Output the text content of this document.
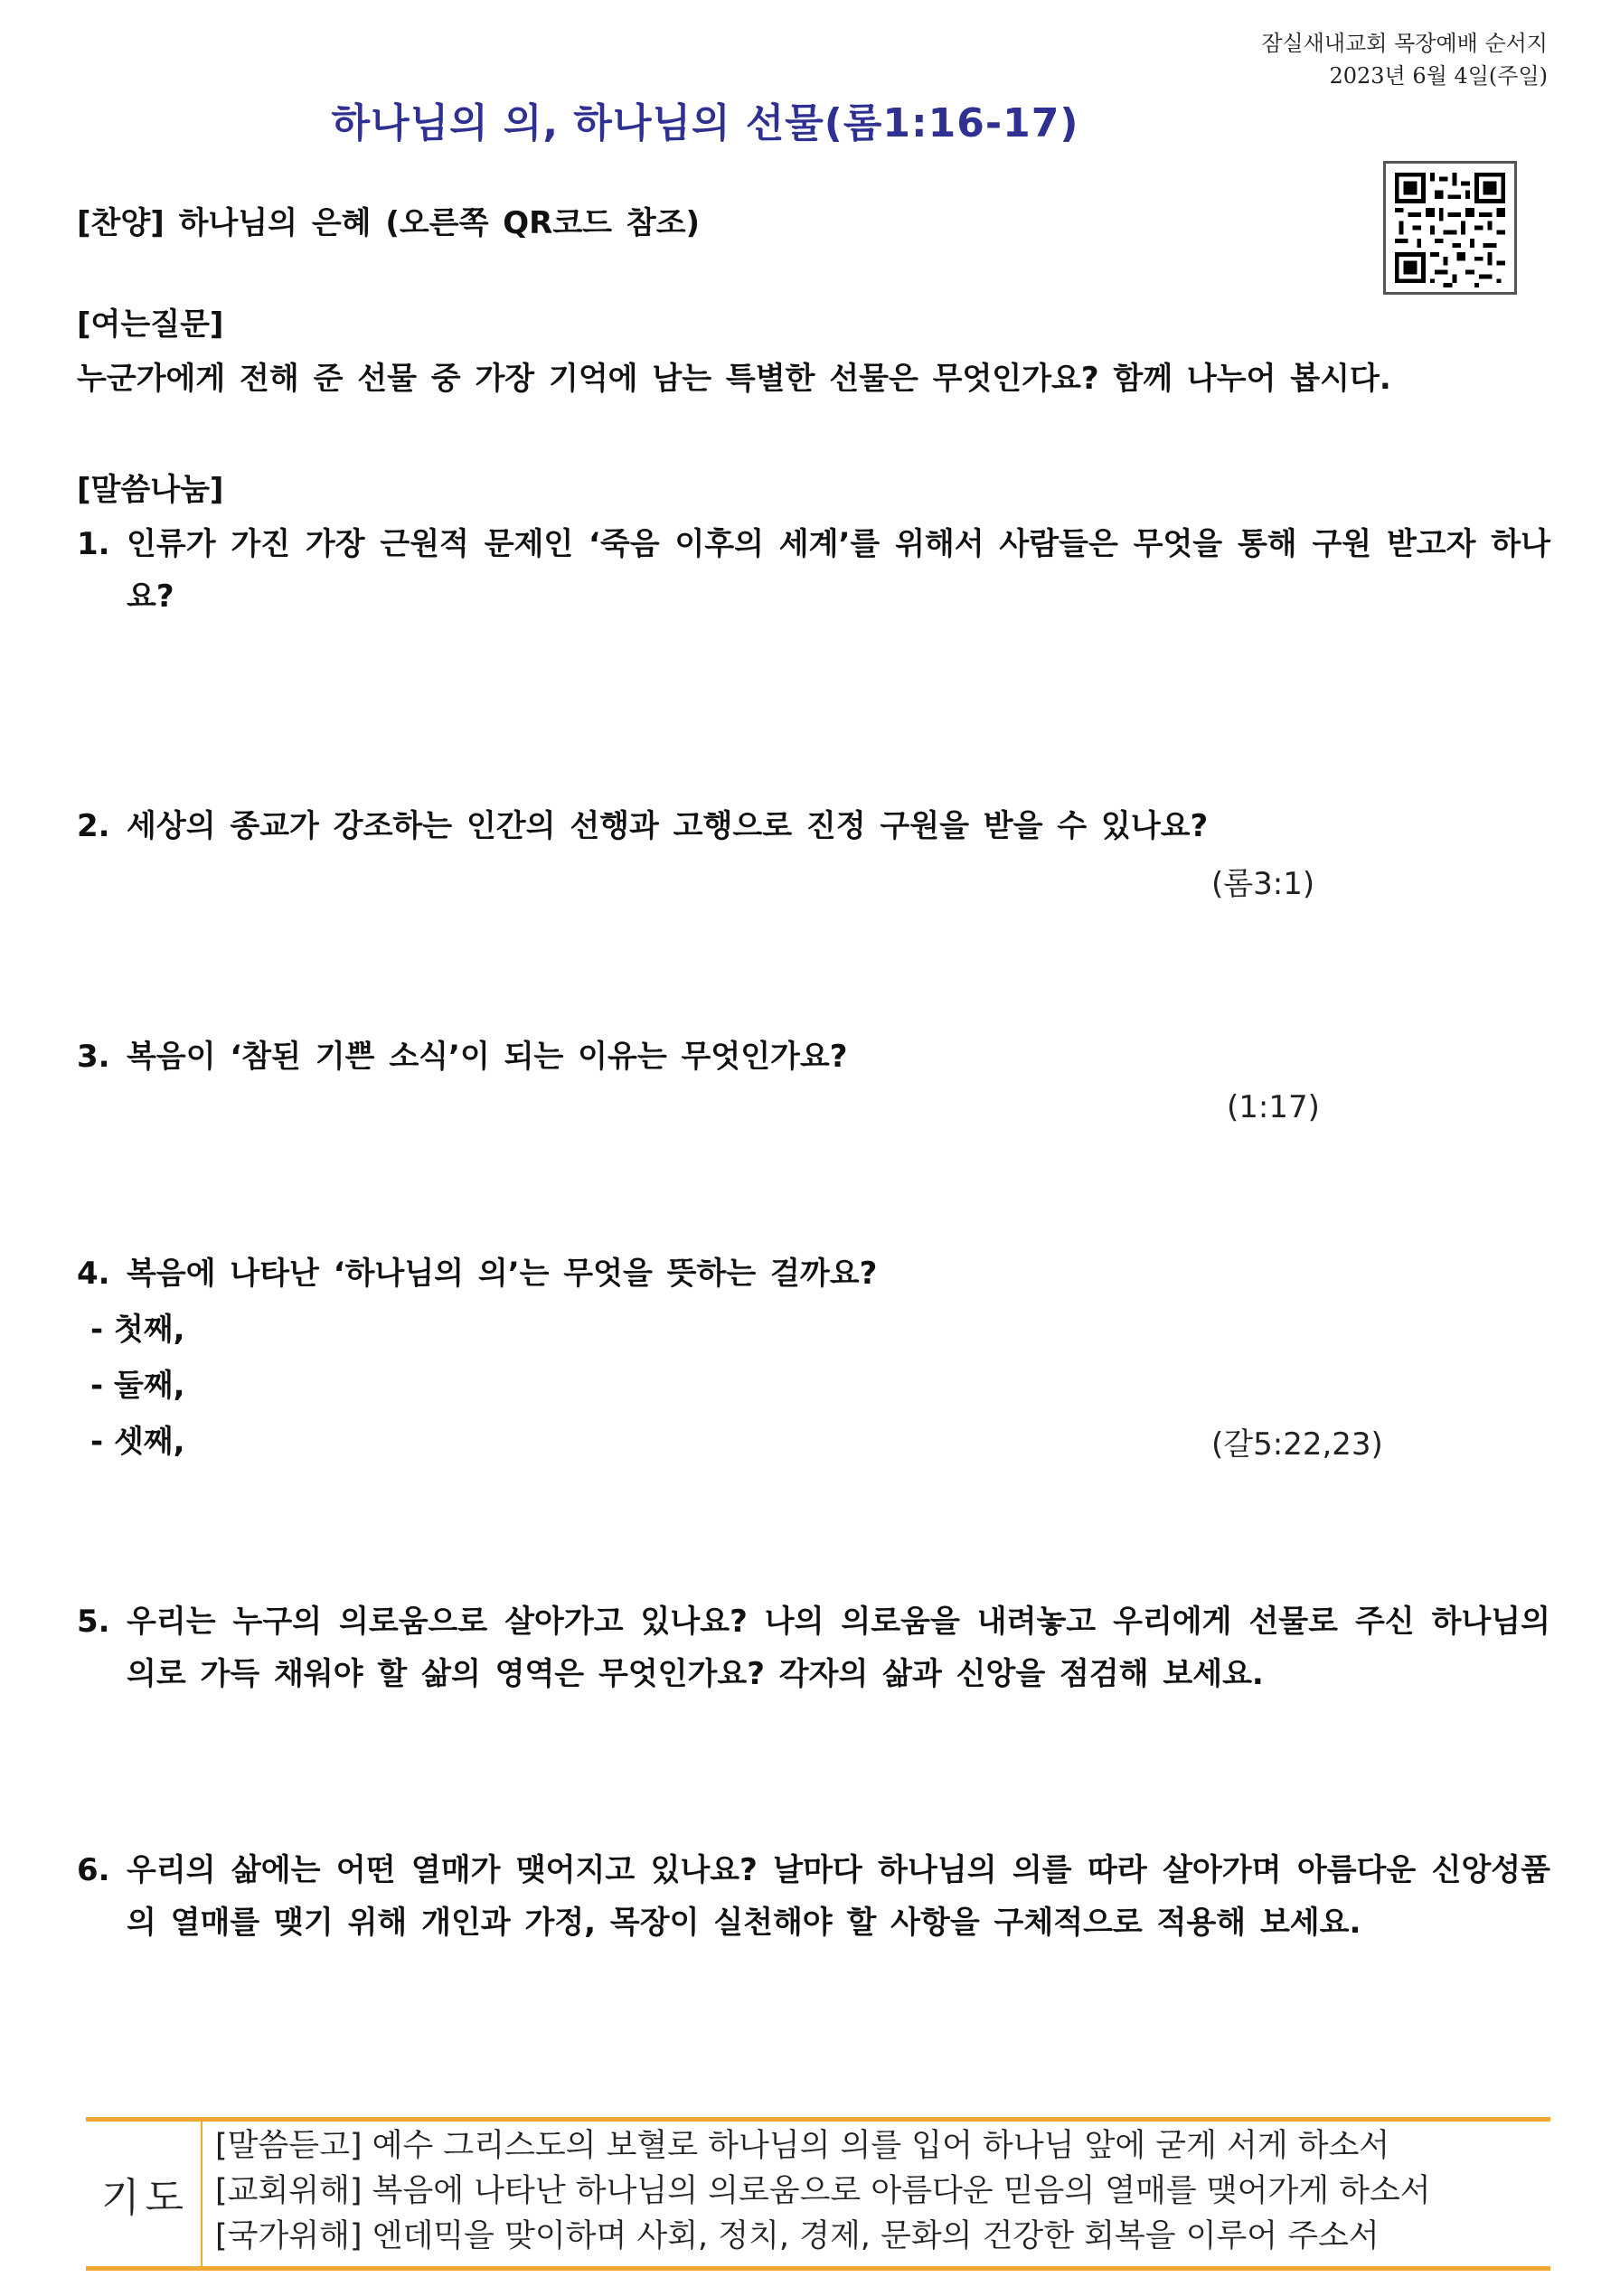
잠실새내교회 목장예배 순서지
2023년 6월 4일(주일)
하나님의 의, 하나님의 선물(롬1:16-17)
[찬양] 하나님의 은혜 (오른쪽 QR코드 참조)
[여는질문]
누군가에게 전해 준 선물 중 가장 기억에 남는 특별한 선물은 무엇인가요? 함께 나누어 봅시다.
[말씀나눔]
1. 인류가 가진 가장 근원적 문제인 ‘죽음 이후의 세계’를 위해서 사람들은 무엇을 통해 구원 받고자 하나요?
2. 세상의 종교가 강조하는 인간의 선행과 고행으로 진정 구원을 받을 수 있나요?
(롬3:1)
3. 복음이 ‘참된 기쁜 소식’이 되는 이유는 무엇인가요?
(1:17)
4. 복음에 나타난 ‘하나님의 의’는 무엇을 뜻하는 걸까요?
- 첫째,
- 둘째,
- 셋째,	(갈5:22,23)
5. 우리는 누구의 의로움으로 살아가고 있나요? 나의 의로움을 내려놓고 우리에게 선물로 주신 하나님의 의로 가득 채워야 할 삶의 영역은 무엇인가요? 각자의 삶과 신앙을 점검해 보세요.
6. 우리의 삶에는 어떤 열매가 맺어지고 있나요? 날마다 하나님의 의를 따라 살아가며 아름다운 신앙성품의 열매를 맺기 위해 개인과 가정, 목장이 실천해야 할 사항을 구체적으로 적용해 보세요.
기도
[말씀듣고] 예수 그리스도의 보혈로 하나님의 의를 입어 하나님 앞에 굳게 서게 하소서
[교회위해] 복음에 나타난 하나님의 의로움으로 아름다운 믿음의 열매를 맺어가게 하소서
[국가위해] 엔데믹을 맞이하며 사회, 정치, 경제, 문화의 건강한 회복을 이루어 주소서
